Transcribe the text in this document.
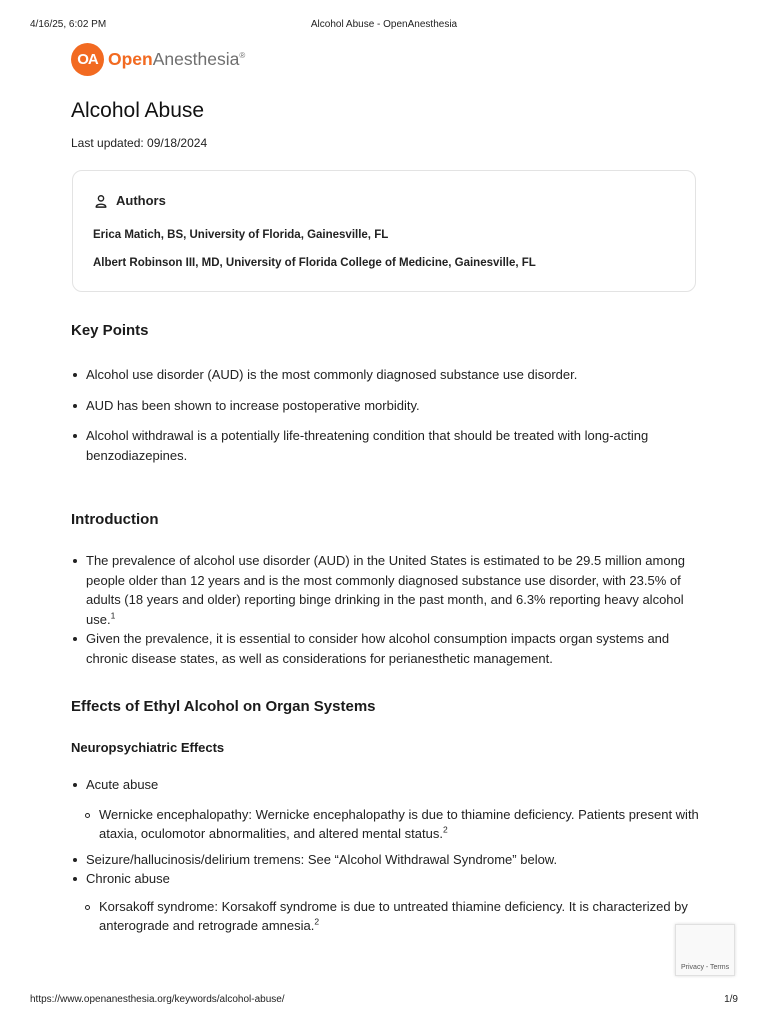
4/16/25, 6:02 PM	Alcohol Abuse - OpenAnesthesia
OA OpenAnesthesia®
Alcohol Abuse
Last updated: 09/18/2024
Authors
Erica Matich, BS, University of Florida, Gainesville, FL
Albert Robinson III, MD, University of Florida College of Medicine, Gainesville, FL
Key Points
Alcohol use disorder (AUD) is the most commonly diagnosed substance use disorder.
AUD has been shown to increase postoperative morbidity.
Alcohol withdrawal is a potentially life-threatening condition that should be treated with long-acting benzodiazepines.
Introduction
The prevalence of alcohol use disorder (AUD) in the United States is estimated to be 29.5 million among people older than 12 years and is the most commonly diagnosed substance use disorder, with 23.5% of adults (18 years and older) reporting binge drinking in the past month, and 6.3% reporting heavy alcohol use.$^1$
Given the prevalence, it is essential to consider how alcohol consumption impacts organ systems and chronic disease states, as well as considerations for perianesthetic management.
Effects of Ethyl Alcohol on Organ Systems
Neuropsychiatric Effects
Acute abuse
Wernicke encephalopathy: Wernicke encephalopathy is due to thiamine deficiency. Patients present with ataxia, oculomotor abnormalities, and altered mental status.$^2$
Seizure/hallucinosis/delirium tremens: See “Alcohol Withdrawal Syndrome” below.
Chronic abuse
Korsakoff syndrome: Korsakoff syndrome is due to untreated thiamine deficiency. It is characterized by anterograde and retrograde amnesia.$^2$
Privacy - Terms
https://www.openanesthesia.org/keywords/alcohol-abuse/	1/9
